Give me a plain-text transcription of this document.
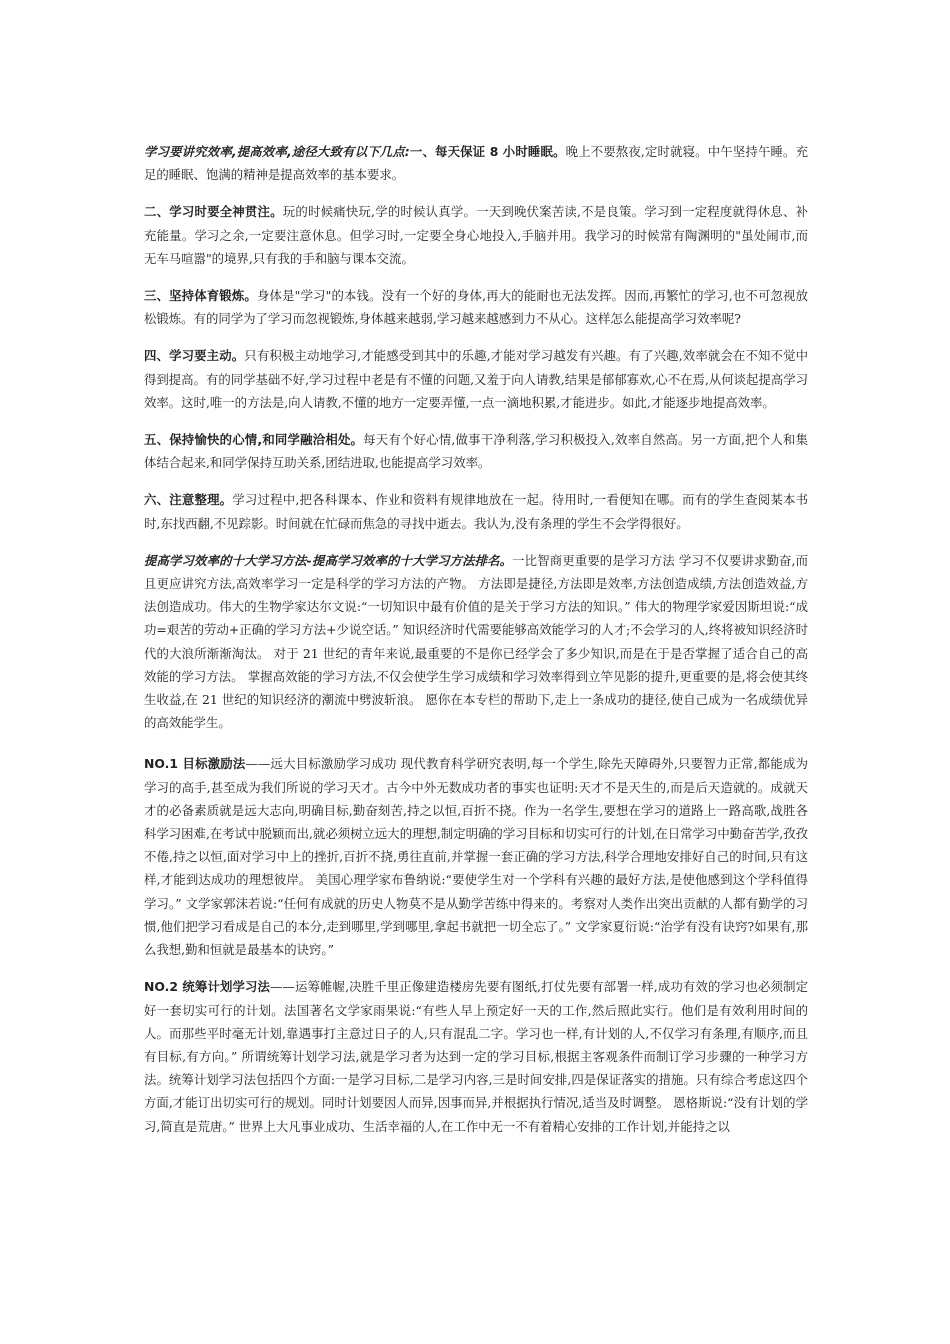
学习要讲究效率,提高效率,途径大致有以下几点:一、每天保证 8 小时睡眠。晚上不要熬夜,定时就寝。中午坚持午睡。充足的睡眠、饱满的精神是提高效率的基本要求。

二、学习时要全神贯注。玩的时候痛快玩,学的时候认真学。一天到晚伏案苦读,不是良策。学习到一定程度就得休息、补充能量。学习之余,一定要注意休息。但学习时,一定要全身心地投入,手脑并用。我学习的时候常有陶渊明的"虽处闹市,而无车马喧嚣"的境界,只有我的手和脑与课本交流。

三、坚持体育锻炼。身体是"学习"的本钱。没有一个好的身体,再大的能耐也无法发挥。因而,再繁忙的学习,也不可忽视放松锻炼。有的同学为了学习而忽视锻炼,身体越来越弱,学习越来越感到力不从心。这样怎么能提高学习效率呢?

四、学习要主动。只有积极主动地学习,才能感受到其中的乐趣,才能对学习越发有兴趣。有了兴趣,效率就会在不知不觉中得到提高。有的同学基础不好,学习过程中老是有不懂的问题,又羞于向人请教,结果是郁郁寡欢,心不在焉,从何谈起提高学习效率。这时,唯一的方法是,向人请教,不懂的地方一定要弄懂,一点一滴地积累,才能进步。如此,才能逐步地提高效率。

五、保持愉快的心情,和同学融洽相处。每天有个好心情,做事干净利落,学习积极投入,效率自然高。另一方面,把个人和集体结合起来,和同学保持互助关系,团结进取,也能提高学习效率。

六、注意整理。学习过程中,把各科课本、作业和资料有规律地放在一起。待用时,一看便知在哪。而有的学生查阅某本书时,东找西翻,不见踪影。时间就在忙碌而焦急的寻找中逝去。我认为,没有条理的学生不会学得很好。

提高学习效率的十大学习方法-提高学习效率的十大学习方法排名。一比智商更重要的是学习方法 学习不仅要讲求勤奋,而且更应讲究方法,高效率学习一定是科学的学习方法的产物。 方法即是捷径,方法即是效率,方法创造成绩,方法创造效益,方法创造成功。伟大的生物学家达尔文说:“一切知识中最有价值的是关于学习方法的知识。” 伟大的物理学家爱因斯坦说:“成功=艰苦的劳动+正确的学习方法+少说空话。” 知识经济时代需要能够高效能学习的人才;不会学习的人,终将被知识经济时代的大浪所渐渐淘汰。 对于 21 世纪的青年来说,最重要的不是你已经学会了多少知识,而是在于是否掌握了适合自己的高效能的学习方法。 掌握高效能的学习方法,不仅会使学生学习成绩和学习效率得到立竿见影的提升,更重要的是,将会使其终生收益,在 21 世纪的知识经济的潮流中劈波斩浪。 愿你在本专栏的帮助下,走上一条成功的捷径,使自己成为一名成绩优异的高效能学生。

NO.1 目标激励法——远大目标激励学习成功 现代教育科学研究表明,每一个学生,除先天障碍外,只要智力正常,都能成为学习的高手,甚至成为我们所说的学习天才。古今中外无数成功者的事实也证明:天才不是天生的,而是后天造就的。成就天才的必备素质就是远大志向,明确目标,勤奋刻苦,持之以恒,百折不挠。作为一名学生,要想在学习的道路上一路高歌,战胜各科学习困难,在考试中脱颖而出,就必须树立远大的理想,制定明确的学习目标和切实可行的计划,在日常学习中勤奋苦学,孜孜不倦,持之以恒,面对学习中上的挫折,百折不挠,勇往直前,并掌握一套正确的学习方法,科学合理地安排好自己的时间,只有这样,才能到达成功的理想彼岸。 美国心理学家布鲁纳说:“要使学生对一个学科有兴趣的最好方法,是使他感到这个学科值得学习。” 文学家郭沫若说:“任何有成就的历史人物莫不是从勤学苦练中得来的。考察对人类作出突出贡献的人都有勤学的习惯,他们把学习看成是自己的本分,走到哪里,学到哪里,拿起书就把一切全忘了。” 文学家夏衍说:“治学有没有诀窍?如果有,那么我想,勤和恒就是最基本的诀窍。”

NO.2 统筹计划学习法——运筹帷幄,决胜千里正像建造楼房先要有图纸,打仗先要有部署一样,成功有效的学习也必须制定好一套切实可行的计划。法国著名文学家雨果说:“有些人早上预定好一天的工作,然后照此实行。他们是有效利用时间的人。而那些平时毫无计划,靠遇事打主意过日子的人,只有混乱二字。学习也一样,有计划的人,不仅学习有条理,有顺序,而且有目标,有方向。” 所谓统筹计划学习法,就是学习者为达到一定的学习目标,根据主客观条件而制订学习步骤的一种学习方法。统筹计划学习法包括四个方面:一是学习目标,二是学习内容,三是时间安排,四是保证落实的措施。只有综合考虑这四个方面,才能订出切实可行的规划。同时计划要因人而异,因事而异,并根据执行情况,适当及时调整。 恩格斯说:“没有计划的学习,简直是荒唐。” 世界上大凡事业成功、生活幸福的人,在工作中无一不有着精心安排的工作计划,并能持之以
